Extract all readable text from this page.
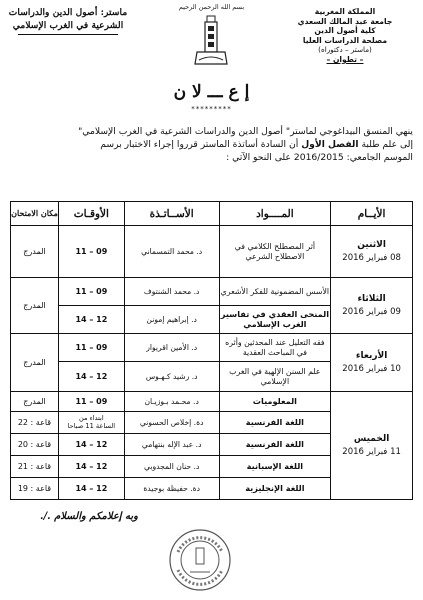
بسم الله الرحمن الرحيم	المملكة المغربية
جامعة عبد المالك السعدي
كلية أصول الدين
مصلحة الدراسات العليا
(ماستر – دكتوراه)
– تطوان –
ماستر: أصول الدين والدراسات
الشرعية في الغرب الإسلامي
إ ع ـــ لا ن
*********
ينهي المنسق البيداغوجي لماستر" أصول الدين والدراسات الشرعية في الغرب الإسلامي"
إلى علم طلبة الفصل الأول أن السادة أساتذة الماستر قرروا إجراء الاختبار برسم
الموسم الجامعي: 2016/2015 على النحو الآتي :
الأيــام	المــــواد	الأســاتـذة	الأوقـات	مكان الامتحان

الاثنين
08 فبراير 2016	أثر المصطلح الكلامي في الاصطلاح الشرعي	د. محمد التمسماني	09 – 11	المدرج

الثلاثاء
09 فبراير 2016	الأسس المضمونية للفكر الأشعري	د. محمد الشنتوف	09 – 11	المدرج
	المنحى العقدي في تفاسير الغرب الإسلامي	د. إبراهيم إمونن	12 – 14	

الأربعاء
10 فبراير 2016	فقه التعليل عند المحدثين وأثره في المباحث العقدية	د. الأمين اقريوار	09 – 11	المدرج
	علم السنن الإلهية في الغرب الإسلامي	د. رشيد كـهـوس	12 – 14	

الخميس
11 فبراير 2016	المعلوميات	د. محـمد بـوزيـان	09 – 11	المدرج
	اللغة الفرنسية	دة. إخلاص الحسوني	ابتداء من
الساعة 11 صباحا	قاعة : 22
	اللغة الفرنسية	د. عبد الإله بنتهامي	12 – 14	قاعة : 20
	اللغة الإسبانية	د. حنان المجدوبي	12 – 14	قاعة : 21
	اللغة الإنجليزية	دة. حفيظة بوجيدة	12 – 14	قاعة : 19
وبه إعلامكم والسلام ./.
